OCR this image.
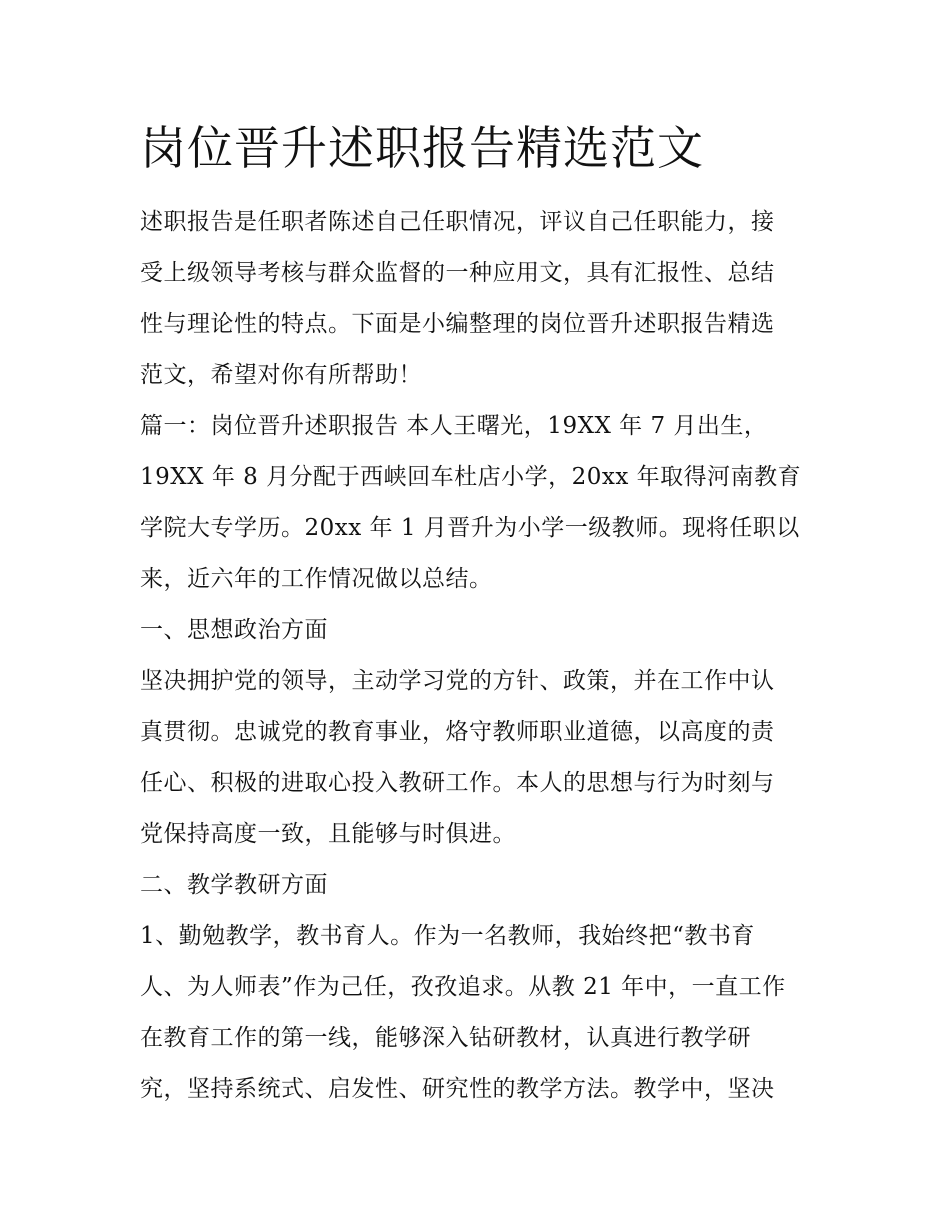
岗位晋升述职报告精选范文

述职报告是任职者陈述自己任职情况，评议自己任职能力，接

受上级领导考核与群众监督的一种应用文，具有汇报性、总结

性与理论性的特点。下面是小编整理的岗位晋升述职报告精选

范文，希望对你有所帮助！

篇一：岗位晋升述职报告 本人王曙光，19XX 年 7 月出生，

19XX 年 8 月分配于西峡回车杜店小学，20xx 年取得河南教育

学院大专学历。20xx 年 1 月晋升为小学一级教师。现将任职以

来，近六年的工作情况做以总结。

一、思想政治方面

坚决拥护党的领导，主动学习党的方针、政策，并在工作中认

真贯彻。忠诚党的教育事业，烙守教师职业道德，以高度的责

任心、积极的进取心投入教研工作。本人的思想与行为时刻与

党保持高度一致，且能够与时俱进。

二、教学教研方面

1、勤勉教学，教书育人。作为一名教师，我始终把“教书育

人、为人师表”作为己任，孜孜追求。从教 21 年中，一直工作

在教育工作的第一线，能够深入钻研教材，认真进行教学研

究，坚持系统式、启发性、研究性的教学方法。教学中，坚决
